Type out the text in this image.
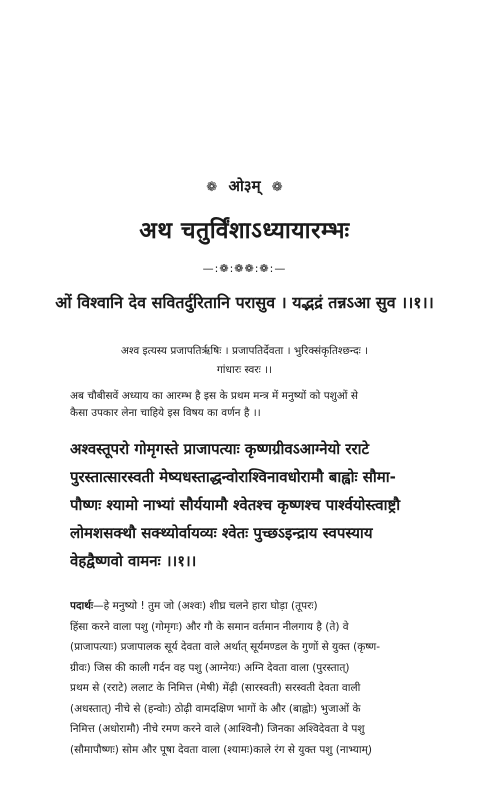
❁ ओ३म् ❁
अथ चतुर्विंशाऽध्यायारम्भः
—:❁:❁❁:❁:—
ओं विश्वानि देव सवितर्दुरितानि परासुव । यद्भद्रं तन्नऽआ सुव ।।१।।
अश्व इत्यस्य प्रजापतिर्ऋषिः । प्रजापतिर्देवता । भुरिक्संकृतिश्छन्दः ।
गांधारः स्वरः ।।
अब चौबीसवें अध्याय का आरम्भ है इस के प्रथम मन्त्र में मनुष्यों को पशुओं से
कैसा उपकार लेना चाहिये इस विषय का वर्णन है ।।
अश्वस्तूपरो गोमृगस्ते प्राजापत्याः कृष्णग्रीवऽआग्नेयो रराटे
पुरस्तात्सारस्वती मेष्यधस्ताद्धन्वोराश्विनावधोरामौ बाह्वोः सौमा-
पौष्णः श्यामो नाभ्यां सौर्ययामौ श्वेतश्च कृष्णश्च पार्श्वयोस्त्वाष्ट्रौ
लोमशसक्थौ सक्थ्योर्वायव्यः श्वेतः पुच्छऽइन्द्राय स्वपस्याय
वेहद्वैष्णवो वामनः ।।१।।
पदार्थः—हे मनुष्यो ! तुम जो (अश्वः) शीघ्र चलने हारा घोड़ा (तूपरः)
हिंसा करने वाला पशु (गोमृगः) और गौ के समान वर्तमान नीलगाय है (ते) वे
(प्राजापत्याः) प्रजापालक सूर्य देवता वाले अर्थात् सूर्यमण्डल के गुणों से युक्त (कृष्ण-
ग्रीवः) जिस की काली गर्दन वह पशु (आग्नेयः) अग्नि देवता वाला (पुरस्तात्)
प्रथम से (रराटे) ललाट के निमित्त (मेषी) मेंढ़ी (सारस्वती) सरस्वती देवता वाली
(अधस्तात्) नीचे से (हन्वोः) ठोढ़ी वामदक्षिण भागों के और (बाह्वोः) भुजाओं के
निमित्त (अधोरामौ) नीचे रमण करने वाले (आश्विनौ) जिनका अश्विदेवता वे पशु
(सौमापौष्णः) सोम और पूषा देवता वाला (श्यामः)काले रंग से युक्त पशु (नाभ्याम्)
